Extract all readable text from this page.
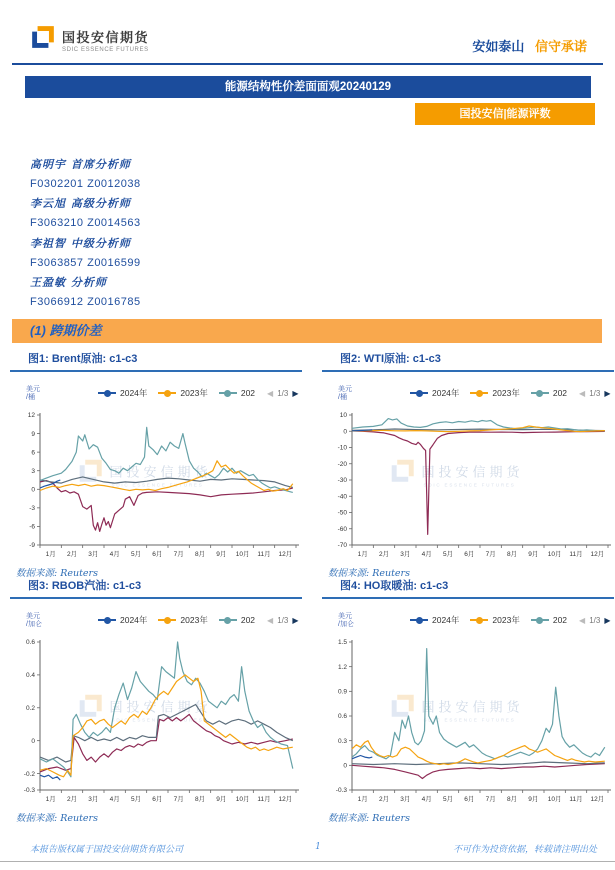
国投安信期货
SDIC ESSENCE FUTURES	安如泰山 信守承诺
能源结构性价差面面观20240129
国投安信|能源评数
高明宇 首席分析师
F0302201 Z0012038
李云旭 高级分析师
F3063210 Z0014563
李祖智 中级分析师
F3063857 Z0016599
王盈敏 分析师
F3066912 Z0016785
(1) 跨期价差
图1: Brent原油: c1-c3
美元
/桶	2024年	2023年	202 ◀ 1/3 ▶
国投安信期货
SDIC ESSENCE FUTURES
12
9
6
3
0
-3
-6
-9
1月 2月 3月 4月 5月 6月 7月 8月 9月 10月 11月 12月
数据来源: Reuters
图2: WTI原油: c1-c3
美元
/桶	2024年	2023年	202 ◀ 1/3 ▶
国投安信期货
SDIC ESSENCE FUTURES
10
0
-10
-20
-30
-40
-50
-60
-70
1月 2月 3月 4月 5月 6月 7月 8月 9月 10月 11月 12月
数据来源: Reuters
图3: RBOB汽油: c1-c3
美元
/加仑	2024年	2023年	202 ◀ 1/3 ▶
国投安信期货
SDIC ESSENCE FUTURES
0.6
0.4
0.2
0
-0.2
-0.3
1月 2月 3月 4月 5月 6月 7月 8月 9月 10月 11月 12月
数据来源: Reuters
图4: HO取暖油: c1-c3
美元
/加仑	2024年	2023年	202 ◀ 1/3 ▶
国投安信期货
SDIC ESSENCE FUTURES
1.5
1.2
0.9
0.6
0.3
0
-0.3
1月 2月 3月 4月 5月 6月 7月 8月 9月 10月 11月 12月
数据来源: Reuters
本报告版权属于国投安信期货有限公司	1	不可作为投资依据，转载请注明出处
